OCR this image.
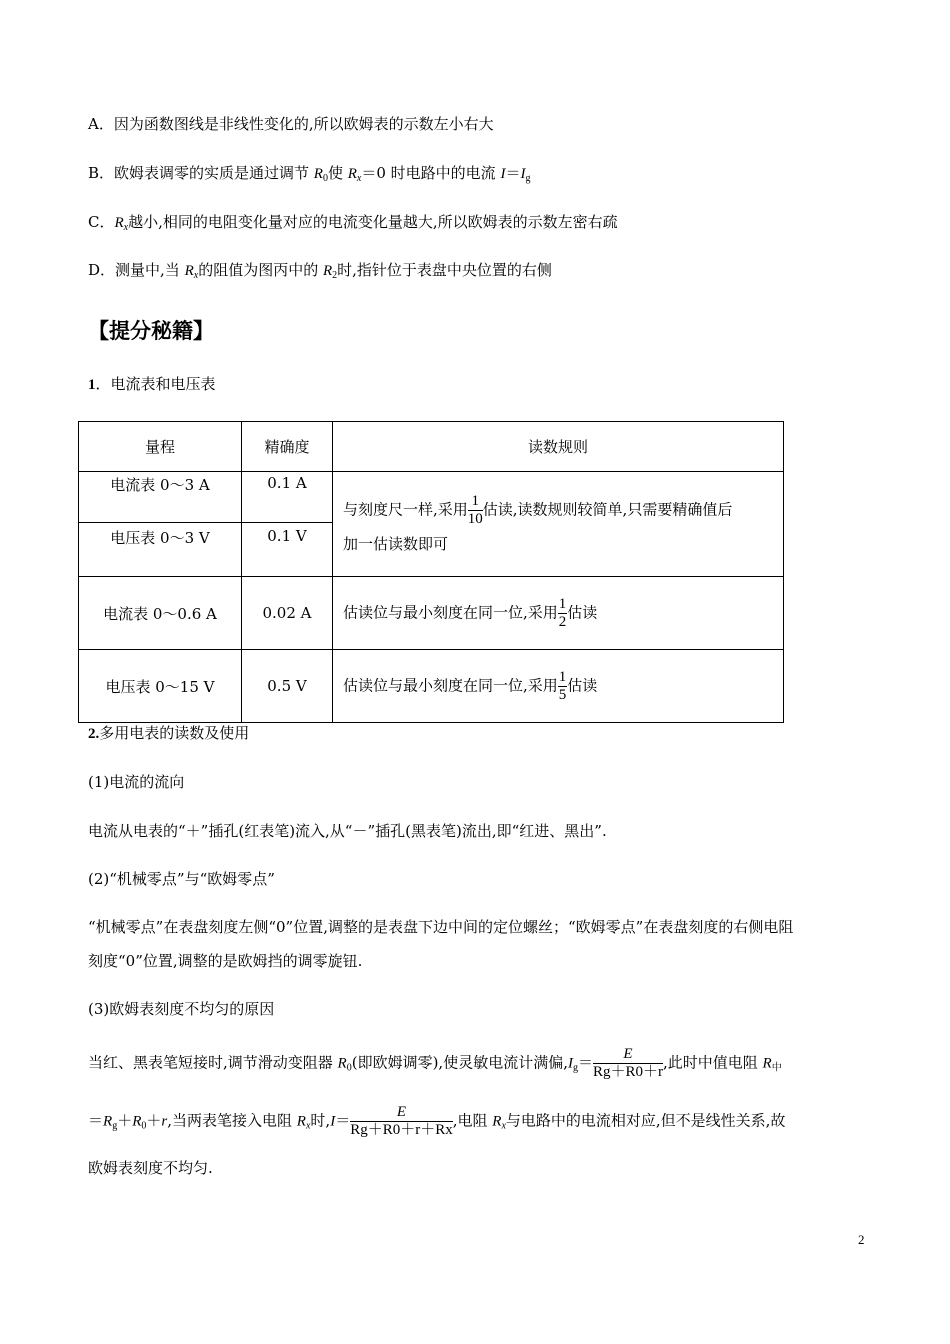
A．因为函数图线是非线性变化的,所以欧姆表的示数左小右大
B．欧姆表调零的实质是通过调节 $R_0$使 $R_x=0$ 时电路中的电流 $I=I_g$
C．$R_x$越小,相同的电阻变化量对应的电流变化量越大,所以欧姆表的示数左密右疏
D．测量中,当 $R_x$的阻值为图丙中的 $R_2$时,指针位于表盘中央位置的右侧
【提分秘籍】
1．电流表和电压表
量程	精确度	读数规则
电流表 0～3 A	0.1 A	与刻度尺一样,采用 $\frac{1}{10}$ 估读,读数规则较简单,只需要精确值后
加一估读数即可

电压表 0～3 V	0.1 V	
电流表 0～0.6 A	0.02 A	估读位与最小刻度在同一位,采用 $\frac{1}{2}$ 估读
电压表 0～15 V	0.5 V	估读位与最小刻度在同一位,采用 $\frac{1}{5}$ 估读
2.多用电表的读数及使用
(1)电流的流向
电流从电表的“＋”插孔(红表笔)流入,从“－”插孔(黑表笔)流出,即“红进、黑出”.
(2)“机械零点”与“欧姆零点”
“机械零点”在表盘刻度左侧“0”位置,调整的是表盘下边中间的定位螺丝；“欧姆零点”在表盘刻度的右侧电阻
刻度“0”位置,调整的是欧姆挡的调零旋钮.
(3)欧姆表刻度不均匀的原因
当红、黑表笔短接时,调节滑动变阻器 $R_0$(即欧姆调零),使灵敏电流计满偏$,I_g= \frac{E}{Rg+R0+r}$ ,此时中值电阻 $R_中$
$=R_g+R_0+r$,当两表笔接入电阻 $R_x$时$,I= \frac{E}{Rg+R0+r+Rx}$ ,电阻 $R_x$与电路中的电流相对应,但不是线性关系,故
欧姆表刻度不均匀.
2
